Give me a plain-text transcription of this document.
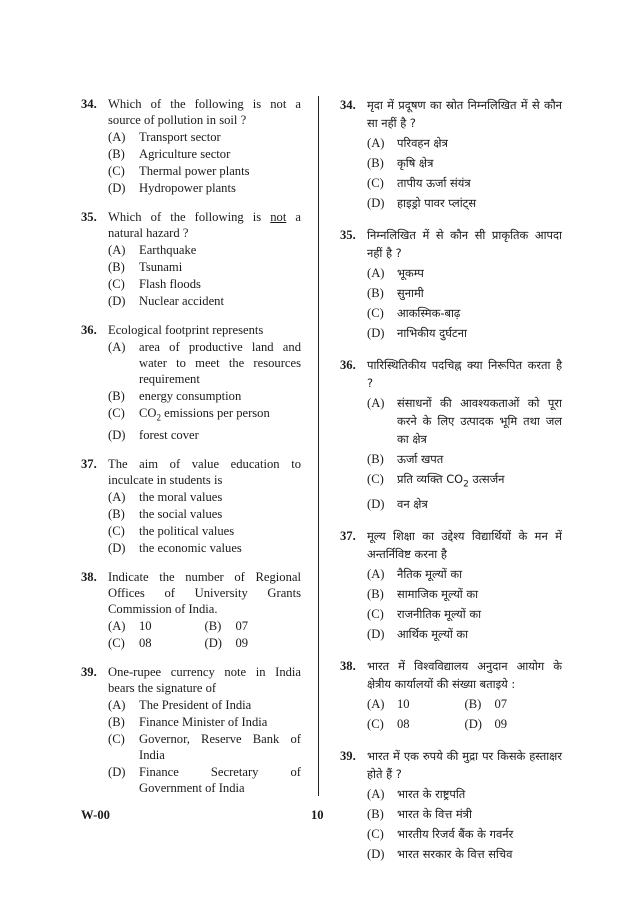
34. Which of the following is not a source of pollution in soil ?
(A) Transport sector
(B) Agriculture sector
(C) Thermal power plants
(D) Hydropower plants
35. Which of the following is not a natural hazard ?
(A) Earthquake
(B) Tsunami
(C) Flash floods
(D) Nuclear accident
36. Ecological footprint represents
(A) area of productive land and water to meet the resources requirement
(B) energy consumption
(C) $CO_2$ emissions per person
(D) forest cover
37. The aim of value education to inculcate in students is
(A) the moral values
(B) the social values
(C) the political values
(D) the economic values
38. Indicate the number of Regional Offices of University Grants Commission of India.
(A) 10	(B) 07
(C) 08	(D) 09
39. One-rupee currency note in India bears the signature of
(A) The President of India
(B) Finance Minister of India
(C) Governor, Reserve Bank of India
(D) Finance Secretary of Government of India
34. मृदा में प्रदूषण का स्रोत निम्नलिखित में से कौन सा नहीं है ?
(A) परिवहन क्षेत्र
(B) कृषि क्षेत्र
(C) तापीय ऊर्जा संयंत्र
(D) हाइड्रो पावर प्लांट्स
35. निम्नलिखित में से कौन सी प्राकृतिक आपदा नहीं है ?
(A) भूकम्प
(B) सुनामी
(C) आकस्मिक-बाढ़
(D) नाभिकीय दुर्घटना
36. पारिस्थितिकीय पदचिह्न क्या निरूपित करता है ?
(A) संसाधनों की आवश्यकताओं को पूरा करने के लिए उत्पादक भूमि तथा जल का क्षेत्र
(B) ऊर्जा खपत
(C) प्रति व्यक्ति $CO_2$ उत्सर्जन
(D) वन क्षेत्र
37. मूल्य शिक्षा का उद्देश्य विद्यार्थियों के मन में अन्तर्निविष्ट करना है
(A) नैतिक मूल्यों का
(B) सामाजिक मूल्यों का
(C) राजनीतिक मूल्यों का
(D) आर्थिक मूल्यों का
38. भारत में विश्वविद्यालय अनुदान आयोग के क्षेत्रीय कार्यालयों की संख्या बताइये :
(A) 10	(B) 07
(C) 08	(D) 09
39. भारत में एक रुपये की मुद्रा पर किसके हस्ताक्षर होते हैं ?
(A) भारत के राष्ट्रपति
(B) भारत के वित्त मंत्री
(C) भारतीय रिजर्व बैंक के गवर्नर
(D) भारत सरकार के वित्त सचिव
W-00	10
